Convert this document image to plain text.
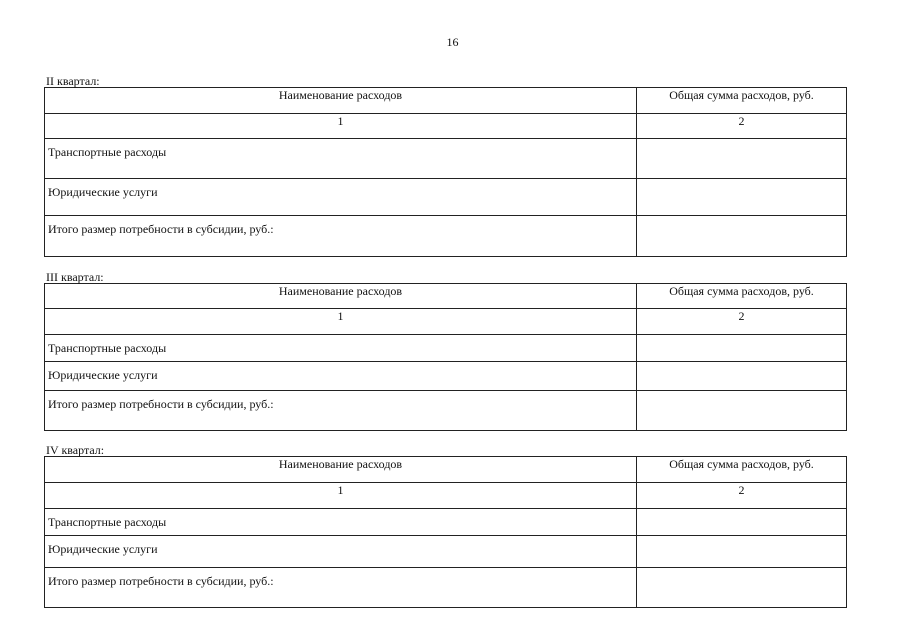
16
II квартал:
Наименование расходов	Общая сумма расходов, руб.
1	2

Транспортные расходы	

Юридические услуги	

Итого размер потребности в субсидии, руб.:	

III квартал:
Наименование расходов	Общая сумма расходов, руб.
1	2

Транспортные расходы	

Юридические услуги	

Итого размер потребности в субсидии, руб.:	

IV квартал:
Наименование расходов	Общая сумма расходов, руб.
1	2

Транспортные расходы	

Юридические услуги	

Итого размер потребности в субсидии, руб.:	
